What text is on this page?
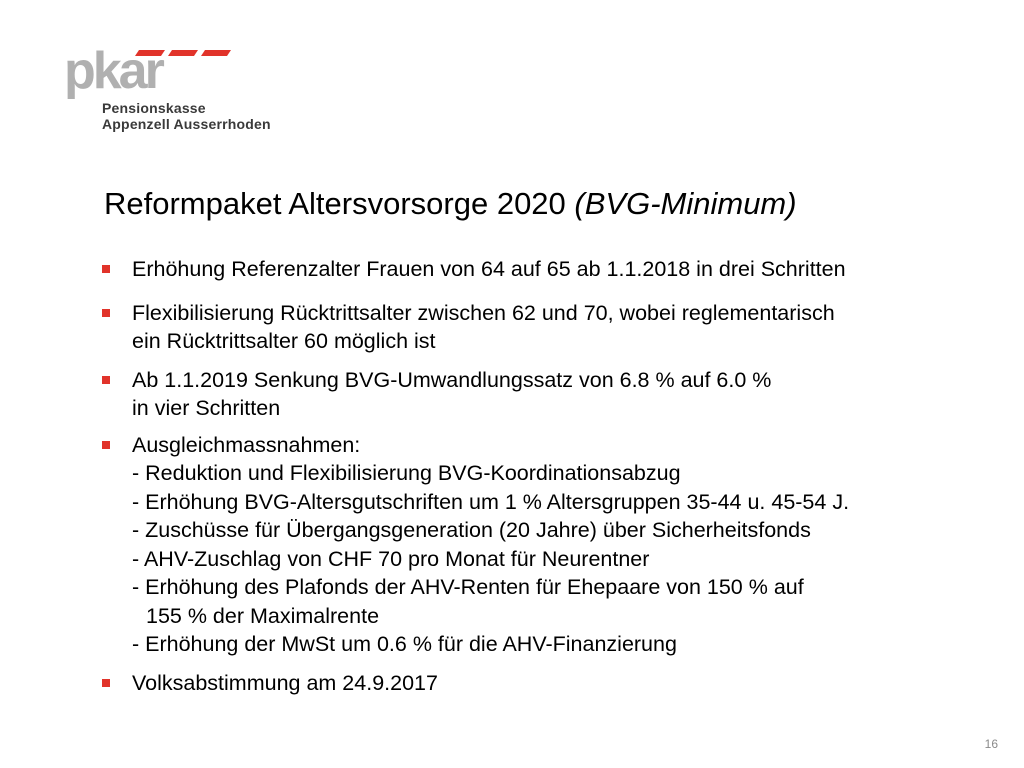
pkar
Pensionskasse
Appenzell Ausserrhoden
Reformpaket Altersvorsorge 2020 (BVG-Minimum)
Erhöhung Referenzalter Frauen von 64 auf 65 ab 1.1.2018 in drei Schritten
Flexibilisierung Rücktrittsalter zwischen 62 und 70, wobei reglementarisch
ein Rücktrittsalter 60 möglich ist
Ab 1.1.2019 Senkung BVG-Umwandlungssatz von 6.8 % auf 6.0 %
in vier Schritten
Ausgleichmassnahmen:
- Reduktion und Flexibilisierung BVG-Koordinationsabzug
- Erhöhung BVG-Altersgutschriften um 1 % Altersgruppen 35-44 u. 45-54 J.
- Zuschüsse für Übergangsgeneration (20 Jahre) über Sicherheitsfonds
- AHV-Zuschlag von CHF 70 pro Monat für Neurentner
- Erhöhung des Plafonds der AHV-Renten für Ehepaare von 150 % auf
155 % der Maximalrente
- Erhöhung der MwSt um 0.6 % für die AHV-Finanzierung
Volksabstimmung am 24.9.2017
16
